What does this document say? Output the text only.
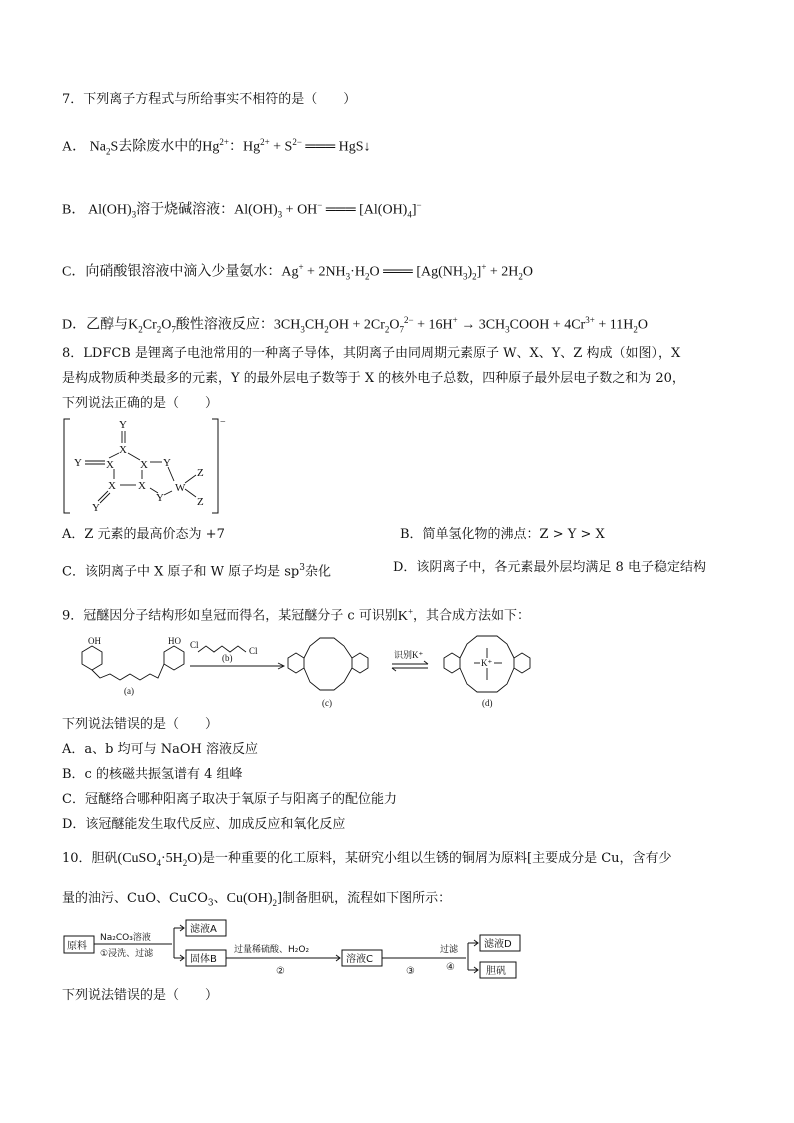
7．下列离子方程式与所给事实不相符的是（　　）
A． $Na_2S$去除废水中的$Hg^{2+}$：$Hg^{2+} + S^{2-}$ ═══ HgS↓
B． $Al(OH)_3$溶于烧碱溶液：$Al(OH)_3 + OH^-$ ═══ $[Al(OH)_4]^-$
C．向硝酸银溶液中滴入少量氨水：$Ag^+ + 2NH_3\cdot H_2O$ ═══ $[Ag(NH_3)_2]^+ + 2H_2O$
D．乙醇与$K_2Cr_2O_7$酸性溶液反应：$3CH_3CH_2OH + 2Cr_2O_7^{2-} + 16H^+$ → $3CH_3COOH + 4Cr^{3+} + 11H_2O$
8．LDFCB 是锂离子电池常用的一种离子导体，其阴离子由同周期元素原子 W、X、Y、Z 构成（如图），X
是构成物质种类最多的元素，Y 的最外层电子数等于 X 的核外电子总数，四种原子最外层电子数之和为 20，
下列说法正确的是（　　）
−
Y
X
Y X X Y
X X
Y
W
Z
Z
Y
A．Z 元素的最高价态为 +7	B．简单氢化物的沸点：Z > Y > X
C．该阴离子中 X 原子和 W 原子均是 $sp^3$杂化	D．该阴离子中，各元素最外层均满足 8 电子稳定结构
9．冠醚因分子结构形如皇冠而得名，某冠醚分子 c 可识别K+，其合成方法如下：
OH	HO
(a)
Cl
Cl
(b)
(c)
识别K⁺
K⁺
(d)
下列说法错误的是（　　）
A．a、b 均可与 NaOH 溶液反应
B．c 的核磁共振氢谱有 4 组峰
C．冠醚络合哪种阳离子取决于氧原子与阳离子的配位能力
D．该冠醚能发生取代反应、加成反应和氧化反应
10．胆矾$(CuSO_4\cdot 5H_2O)$是一种重要的化工原料，某研究小组以生锈的铜屑为原料[主要成分是 Cu，含有少
量的油污、CuO、CuCO$_3$、$Cu(OH)_2$]制备胆矾，流程如下图所示：
原料
Na₂CO₃溶液
①浸洗、过滤
滤液A
固体B
过量稀硫酸、H₂O₂
②
溶液C
③
过滤
④
滤液D
胆矾
下列说法错误的是（　　）
